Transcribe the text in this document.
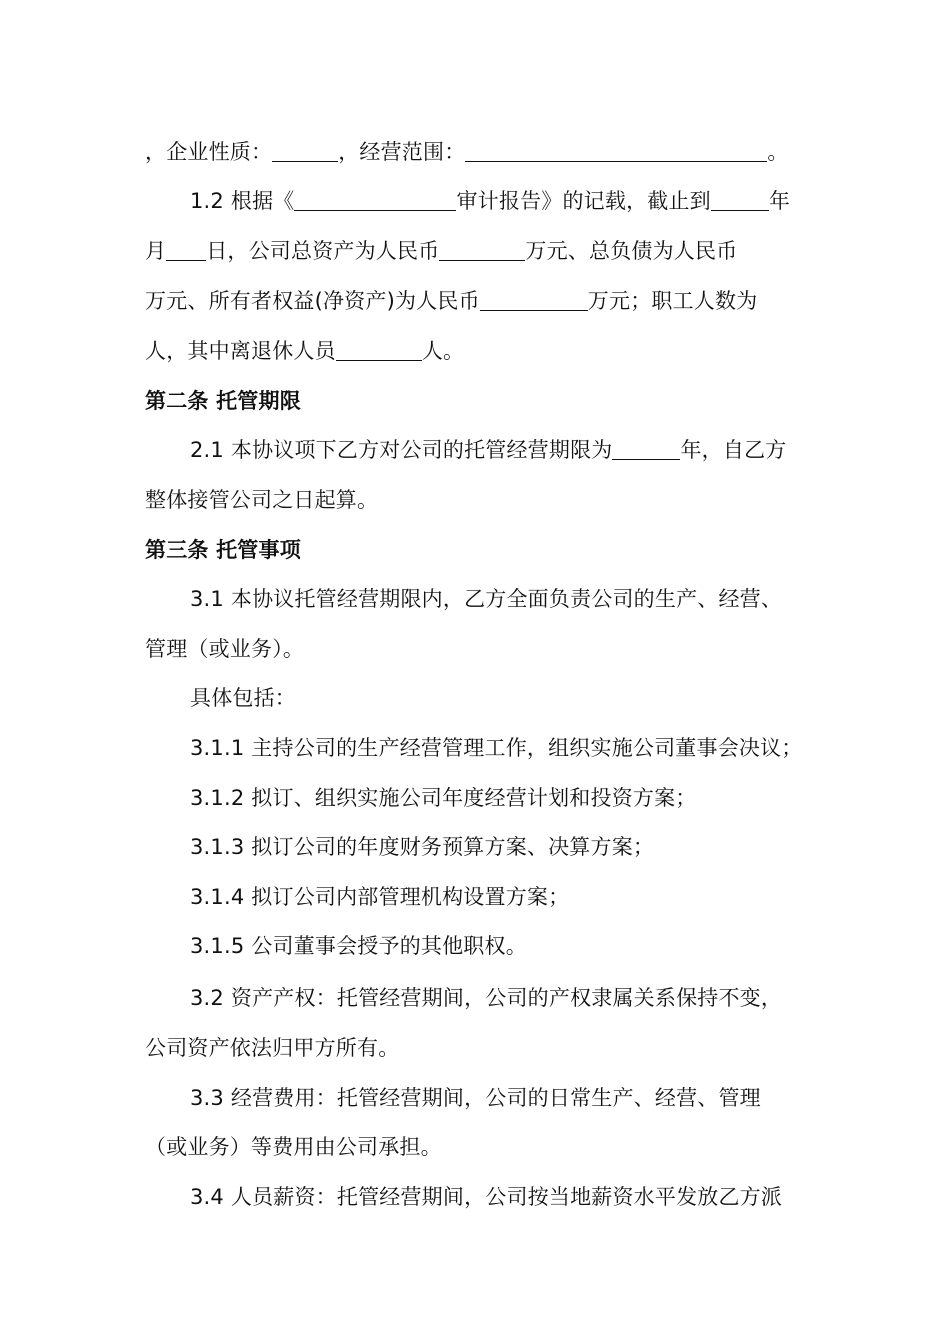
，企业性质：	，经营范围：	。
1.2 根据《	审计报告》的记载，截止到	年
月 日，公司总资产为人民币	万元、总负债为人民币
万元、所有者权益(净资产)为人民币	万元；职工人数为
人，其中离退休人员	人。
第二条 托管期限
2.1 本协议项下乙方对公司的托管经营期限为	年，自乙方
整体接管公司之日起算。
第三条 托管事项
3.1 本协议托管经营期限内，乙方全面负责公司的生产、经营、
管理（或业务）。
具体包括：
3.1.1 主持公司的生产经营管理工作，组织实施公司董事会决议；
3.1.2 拟订、组织实施公司年度经营计划和投资方案；
3.1.3 拟订公司的年度财务预算方案、决算方案；
3.1.4 拟订公司内部管理机构设置方案；
3.1.5 公司董事会授予的其他职权。
3.2 资产产权：托管经营期间，公司的产权隶属关系保持不变，
公司资产依法归甲方所有。
3.3 经营费用：托管经营期间，公司的日常生产、经营、管理
（或业务）等费用由公司承担。
3.4 人员薪资：托管经营期间，公司按当地薪资水平发放乙方派
